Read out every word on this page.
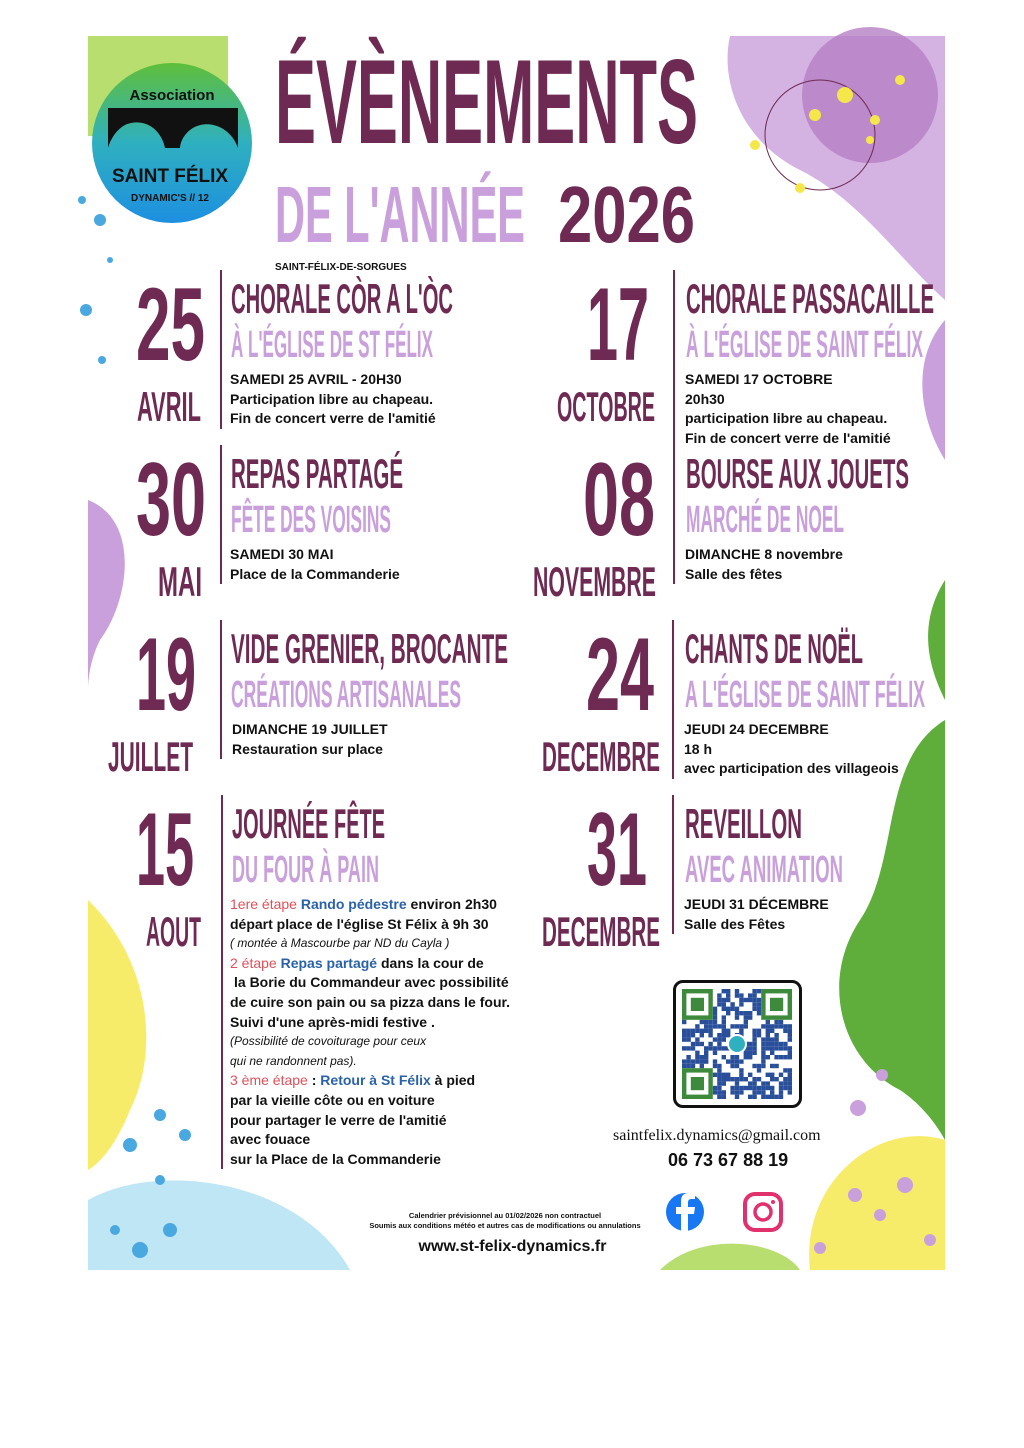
Association
SAINT FÉLIX
DYNAMIC'S // 12
ÉVÈNEMENTS
DE L'ANNÉE 2026
SAINT-FÉLIX-DE-SORGUES
25
AVRIL
CHORALE CÒR A L'ÒC
À L'ÉGLISE DE ST FÉLIX
SAMEDI 25 AVRIL - 20H30
Participation libre au chapeau.
Fin de concert verre de l'amitié
30
MAI
REPAS PARTAGÉ
FÊTE DES VOISINS
SAMEDI 30 MAI
Place de la Commanderie
19
JUILLET
VIDE GRENIER, BROCANTE
CRÉATIONS ARTISANALES
DIMANCHE 19 JUILLET
Restauration sur place
15
AOUT
JOURNÉE FÊTE
DU FOUR À PAIN
1ere étape Rando pédestre environ 2h30
départ place de l'église St Félix à 9h 30
( montée à Mascourbe par ND du Cayla )
2 étape Repas partagé dans la cour de
la Borie du Commandeur avec possibilité
de cuire son pain ou sa pizza dans le four.
Suivi d'une après-midi festive .
(Possibilité de covoiturage pour ceux
qui ne randonnent pas).
3 ème étape : Retour à St Félix à pied
par la vieille côte ou en voiture
pour partager le verre de l'amitié
avec fouace
sur la Place de la Commanderie
17
OCTOBRE
CHORALE PASSACAILLE
À L'ÉGLISE DE SAINT FÉLIX
SAMEDI 17 OCTOBRE
20h30
participation libre au chapeau.
Fin de concert verre de l'amitié
08
NOVEMBRE
BOURSE AUX JOUETS
MARCHÉ DE NOEL
DIMANCHE 8 novembre
Salle des fêtes
24
DECEMBRE
CHANTS DE NOËL
A L'ÉGLISE DE SAINT FÉLIX
JEUDI 24 DECEMBRE
18 h
avec participation des villageois
31
DECEMBRE
REVEILLON
AVEC ANIMATION
JEUDI 31 DÉCEMBRE
Salle des Fêtes
saintfelix.dynamics@gmail.com
06 73 67 88 19
Calendrier prévisionnel au 01/02/2026 non contractuel
Soumis aux conditions météo et autres cas de modifications ou annulations
www.st-felix-dynamics.fr
